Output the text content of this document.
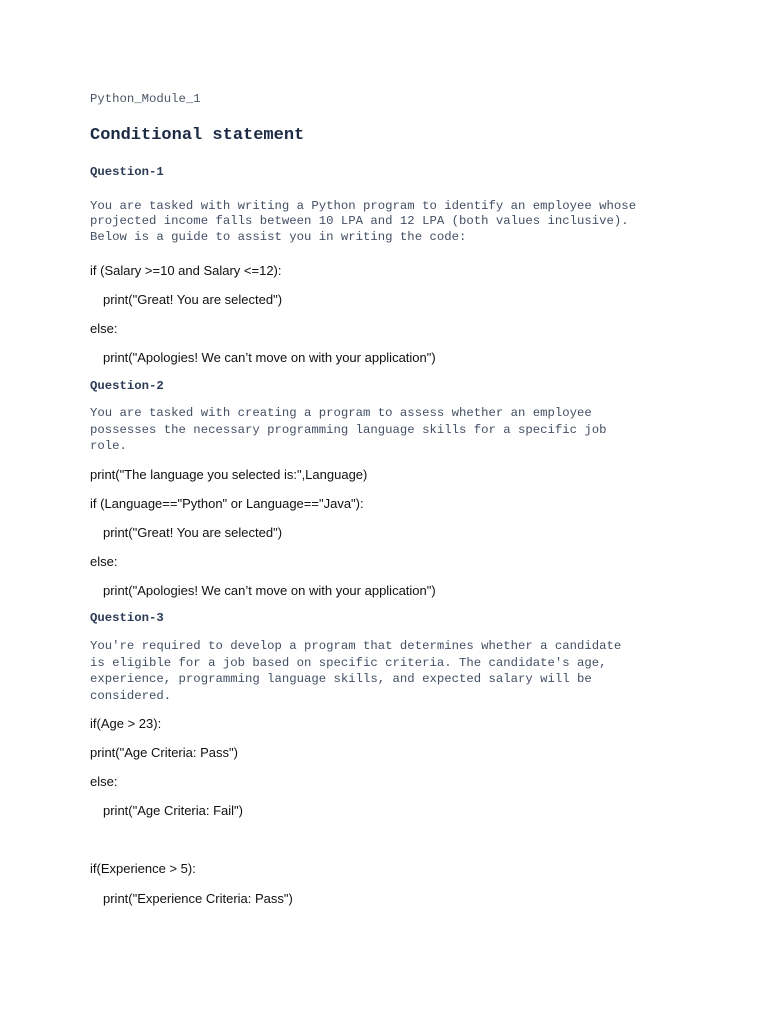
Python_Module_1

Conditional statement

Question-1

You are tasked with writing a Python program to identify an employee whose

projected income falls between 10 LPA and 12 LPA (both values inclusive).

Below is a guide to assist you in writing the code:

if (Salary >=10 and Salary <=12):

print("Great! You are selected")

else:

print("Apologies! We can’t move on with your application")

Question-2

You are tasked with creating a program to assess whether an employee

possesses the necessary programming language skills for a specific job

role.

print("The language you selected is:",Language)

if (Language=="Python" or Language=="Java"):

print("Great! You are selected")

else:

print("Apologies! We can’t move on with your application")

Question-3

You're required to develop a program that determines whether a candidate

is eligible for a job based on specific criteria. The candidate's age,

experience, programming language skills, and expected salary will be

considered.

if(Age > 23):

print("Age Criteria: Pass")

else:

print("Age Criteria: Fail")

if(Experience > 5):

print("Experience Criteria: Pass")
